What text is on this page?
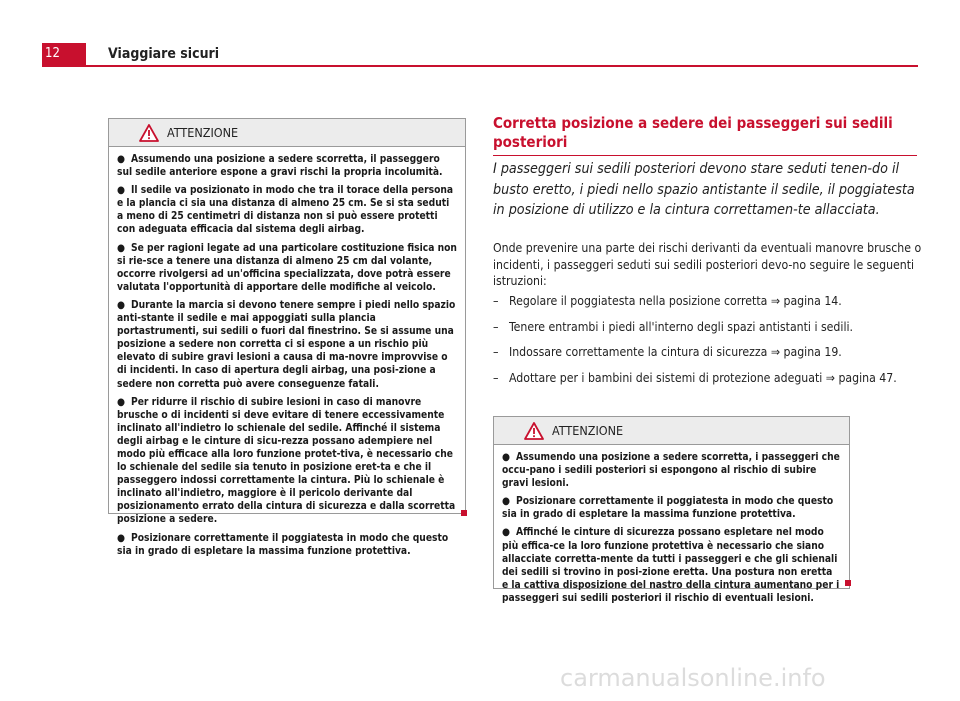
12	Viaggiare sicuri
ATTENZIONE
● Assumendo una posizione a sedere scorretta, il passeggero sul sedile anteriore espone a gravi rischi la propria incolumità.
● Il sedile va posizionato in modo che tra il torace della persona e la plancia ci sia una distanza di almeno 25 cm. Se si sta seduti a meno di 25 centimetri di distanza non si può essere protetti con adeguata efficacia dal sistema degli airbag.
● Se per ragioni legate ad una particolare costituzione fisica non si rie-sce a tenere una distanza di almeno 25 cm dal volante, occorre rivolgersi ad un'officina specializzata, dove potrà essere valutata l'opportunità di apportare delle modifiche al veicolo.
● Durante la marcia si devono tenere sempre i piedi nello spazio anti-stante il sedile e mai appoggiati sulla plancia portastrumenti, sui sedili o fuori dal finestrino. Se si assume una posizione a sedere non corretta ci si espone a un rischio più elevato di subire gravi lesioni a causa di ma-novre improvvise o di incidenti. In caso di apertura degli airbag, una posi-zione a sedere non corretta può avere conseguenze fatali.
● Per ridurre il rischio di subire lesioni in caso di manovre brusche o di incidenti si deve evitare di tenere eccessivamente inclinato all'indietro lo schienale del sedile. Affinché il sistema degli airbag e le cinture di sicu-rezza possano adempiere nel modo più efficace alla loro funzione protet-tiva, è necessario che lo schienale del sedile sia tenuto in posizione eret-ta e che il passeggero indossi correttamente la cintura. Più lo schienale è inclinato all'indietro, maggiore è il pericolo derivante dal posizionamento errato della cintura di sicurezza e dalla scorretta posizione a sedere.
● Posizionare correttamente il poggiatesta in modo che questo sia in grado di espletare la massima funzione protettiva.
Corretta posizione a sedere dei passeggeri sui sedili posteriori
I passeggeri sui sedili posteriori devono stare seduti tenen-do il busto eretto, i piedi nello spazio antistante il sedile, il poggiatesta in posizione di utilizzo e la cintura correttamen-te allacciata.
Onde prevenire una parte dei rischi derivanti da eventuali manovre brusche o incidenti, i passeggeri seduti sui sedili posteriori devo-no seguire le seguenti istruzioni:
– Regolare il poggiatesta nella posizione corretta ⇒ pagina 14.
– Tenere entrambi i piedi all'interno degli spazi antistanti i sedili.
– Indossare correttamente la cintura di sicurezza ⇒ pagina 19.
– Adottare per i bambini dei sistemi di protezione adeguati ⇒ pagina 47.
ATTENZIONE
● Assumendo una posizione a sedere scorretta, i passeggeri che occu-pano i sedili posteriori si espongono al rischio di subire gravi lesioni.
● Posizionare correttamente il poggiatesta in modo che questo sia in grado di espletare la massima funzione protettiva.
● Affinché le cinture di sicurezza possano espletare nel modo più effica-ce la loro funzione protettiva è necessario che siano allacciate corretta-mente da tutti i passeggeri e che gli schienali dei sedili si trovino in posi-zione eretta. Una postura non eretta e la cattiva disposizione del nastro della cintura aumentano per i passeggeri sui sedili posteriori il rischio di eventuali lesioni.
carmanualsonline.info
